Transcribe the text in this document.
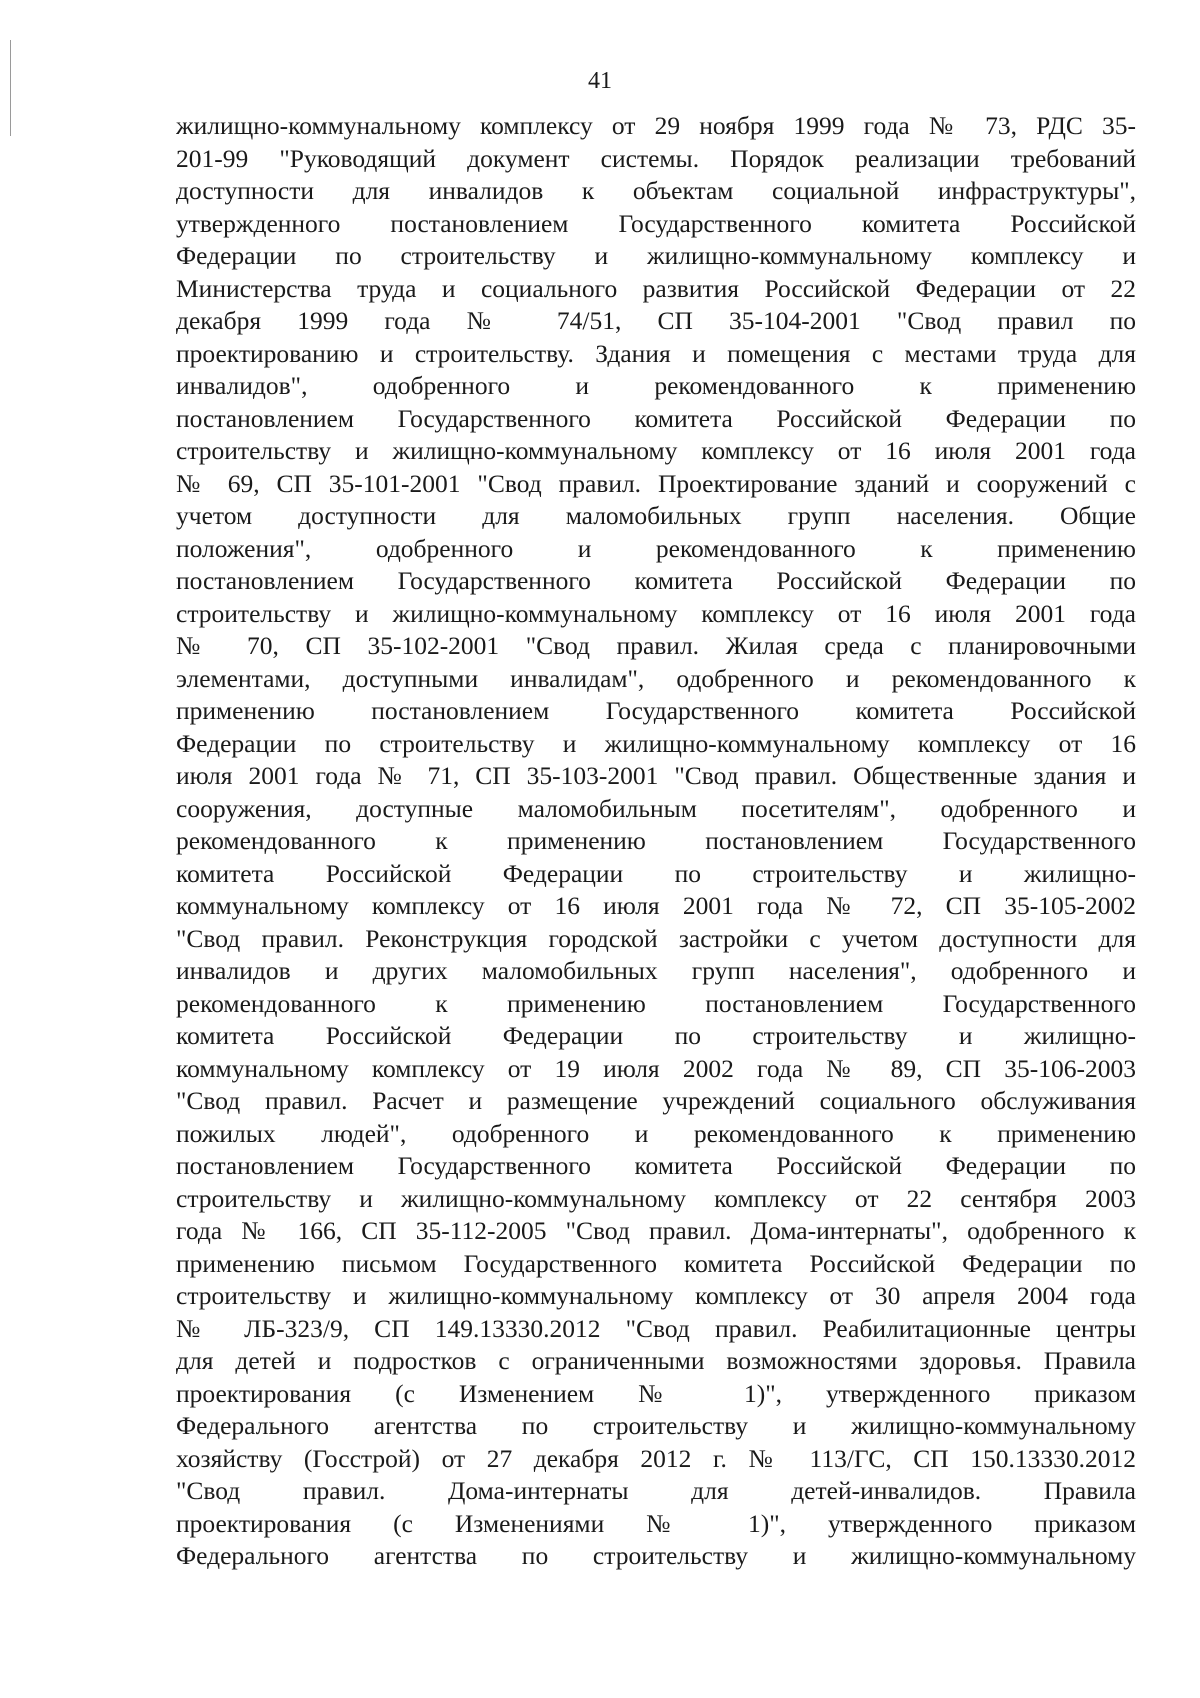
41
жилищно-коммунальному комплексу от 29 ноября 1999 года № 73, РДС 35-
201-99 "Руководящий документ системы. Порядок реализации требований
доступности для инвалидов к объектам социальной инфраструктуры",
утвержденного постановлением Государственного комитета Российской
Федерации по строительству и жилищно-коммунальному комплексу и
Министерства труда и социального развития Российской Федерации от 22
декабря 1999 года № 74/51, СП 35-104-2001 "Свод правил по
проектированию и строительству. Здания и помещения с местами труда для
инвалидов", одобренного и рекомендованного к применению
постановлением Государственного комитета Российской Федерации по
строительству и жилищно-коммунальному комплексу от 16 июля 2001 года
№ 69, СП 35-101-2001 "Свод правил. Проектирование зданий и сооружений с
учетом доступности для маломобильных групп населения. Общие
положения", одобренного и рекомендованного к применению
постановлением Государственного комитета Российской Федерации по
строительству и жилищно-коммунальному комплексу от 16 июля 2001 года
№ 70, СП 35-102-2001 "Свод правил. Жилая среда с планировочными
элементами, доступными инвалидам", одобренного и рекомендованного к
применению постановлением Государственного комитета Российской
Федерации по строительству и жилищно-коммунальному комплексу от 16
июля 2001 года № 71, СП 35-103-2001 "Свод правил. Общественные здания и
сооружения, доступные маломобильным посетителям", одобренного и
рекомендованного к применению постановлением Государственного
комитета Российской Федерации по строительству и жилищно-
коммунальному комплексу от 16 июля 2001 года № 72, СП 35-105-2002
"Свод правил. Реконструкция городской застройки с учетом доступности для
инвалидов и других маломобильных групп населения", одобренного и
рекомендованного к применению постановлением Государственного
комитета Российской Федерации по строительству и жилищно-
коммунальному комплексу от 19 июля 2002 года № 89, СП 35-106-2003
"Свод правил. Расчет и размещение учреждений социального обслуживания
пожилых людей", одобренного и рекомендованного к применению
постановлением Государственного комитета Российской Федерации по
строительству и жилищно-коммунальному комплексу от 22 сентября 2003
года № 166, СП 35-112-2005 "Свод правил. Дома-интернаты", одобренного к
применению письмом Государственного комитета Российской Федерации по
строительству и жилищно-коммунальному комплексу от 30 апреля 2004 года
№ ЛБ-323/9, СП 149.13330.2012 "Свод правил. Реабилитационные центры
для детей и подростков с ограниченными возможностями здоровья. Правила
проектирования (с Изменением № 1)", утвержденного приказом
Федерального агентства по строительству и жилищно-коммунальному
хозяйству (Госстрой) от 27 декабря 2012 г. № 113/ГС, СП 150.13330.2012
"Свод правил. Дома-интернаты для детей-инвалидов. Правила
проектирования (с Изменениями № 1)", утвержденного приказом
Федерального агентства по строительству и жилищно-коммунальному
